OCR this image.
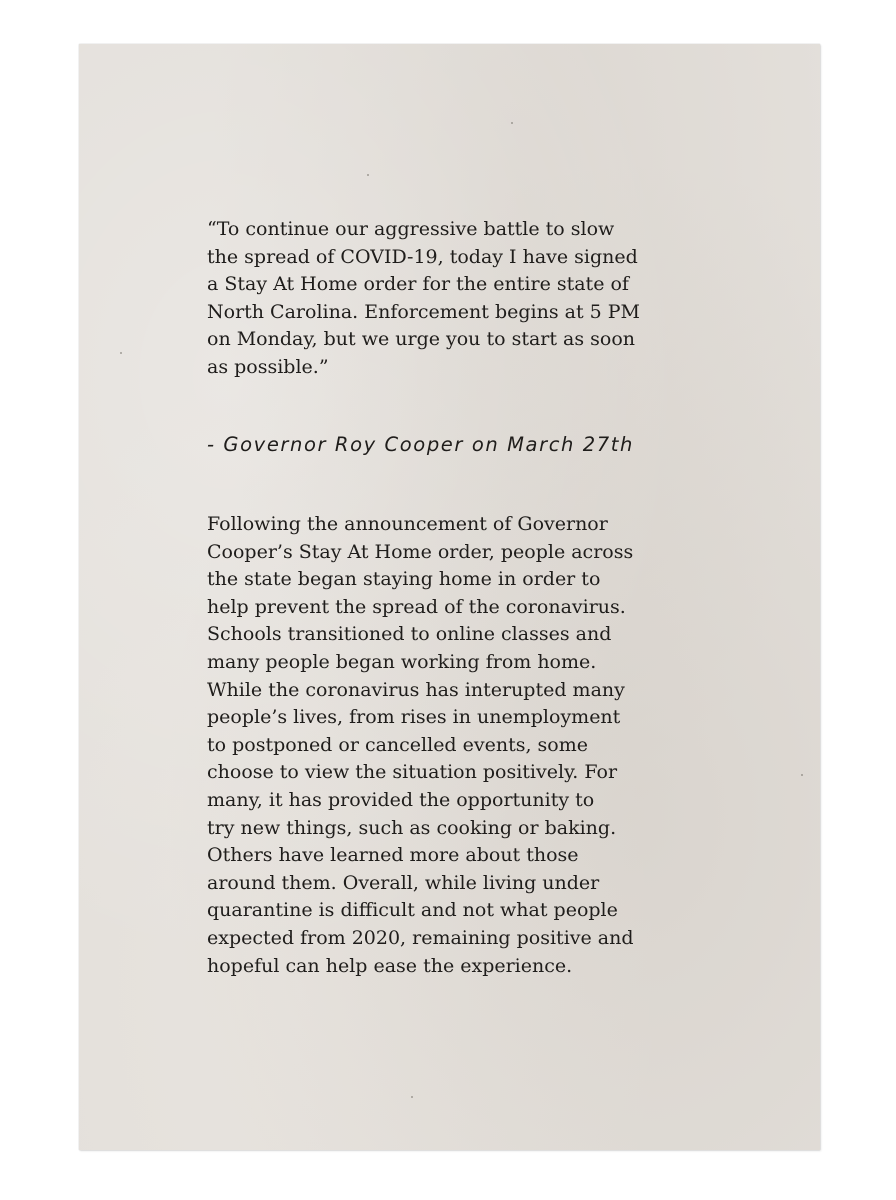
“To continue our aggressive battle to slow
the spread of COVID-19, today I have signed
a Stay At Home order for the entire state of
North Carolina. Enforcement begins at 5 PM
on Monday, but we urge you to start as soon
as possible.”

- Governor Roy Cooper on March 27th

Following the announcement of Governor
Cooper’s Stay At Home order, people across
the state began staying home in order to
help prevent the spread of the coronavirus.
Schools transitioned to online classes and
many people began working from home.
While the coronavirus has interupted many
people’s lives, from rises in unemployment
to postponed or cancelled events, some
choose to view the situation positively. For
many, it has provided the opportunity to
try new things, such as cooking or baking.
Others have learned more about those
around them. Overall, while living under
quarantine is difficult and not what people
expected from 2020, remaining positive and
hopeful can help ease the experience.
